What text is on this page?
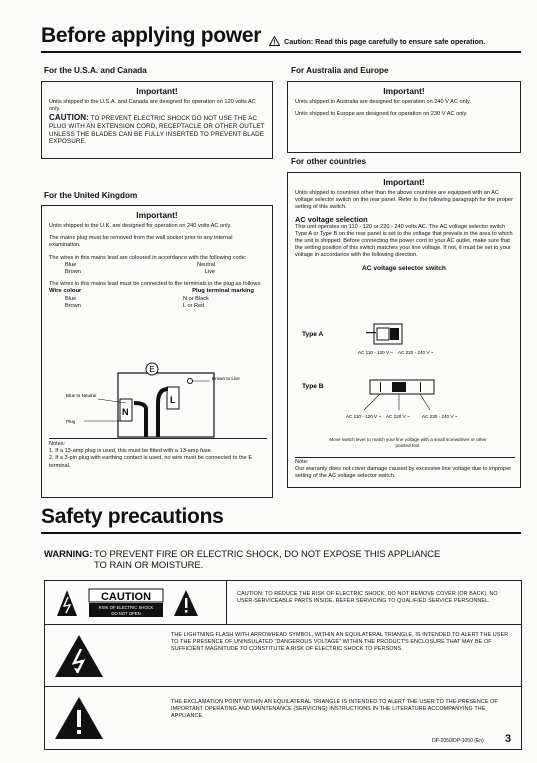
Before applying power	Caution: Read this page carefully to ensure safe operation.
For the U.S.A. and Canada
Important!
Units shipped to the U.S.A. and Canada are designed for operation on 120 volts AC only.
CAUTION: TO PREVENT ELECTRIC SHOCK DO NOT USE THE AC PLUG WITH AN EXTENSION CORD, RECEPTACLE OR OTHER OUTLET UNLESS THE BLADES CAN BE FULLY INSERTED TO PREVENT BLADE EXPOSURE.
For the United Kingdom
Important!

Units shipped to the U.K. are designed for operation on 240 volts AC only.

The mains plug must be removed from the wall socket prior to any internal examination.

The wires in this mains lead are coloured in accordance with the following code:

Blue	Neutral
Brown	Live

The wires in this mains lead must be connected to the terminals in the plug as follows:

Wire colour	Plug terminal marking
Blue	N or Black
Brown	L or Red
E
L
N
Brown to Live
Blue to Neutral
Plug
Notes:
1. If a 13-amp plug is used, this must be fitted with a 13-amp fuse.
2. If a 3-pin plug with earthing contact is used, no wire must be connected to the E terminal.
For Australia and Europe
Important!

Units shipped to Australia are designed for operation on 240 V AC only.

Units shipped to Europe are designed for operation on 230 V AC only.

For other countries
Important!
Units shipped to countries other than the above countries are equipped with an AC voltage selector switch on the rear panel. Refer to the following paragraph for the proper setting of this switch.
AC voltage selection
This unit operates on 110 - 120 or 220 - 240 volts AC. The AC voltage selector switch Type A or Type B on the rear panel is set to the voltage that prevails in the area to which the unit is shipped. Before connecting the power cord to your AC outlet, make sure that the setting position of this switch matches your line voltage. If not, it must be set to your voltage in accordance with the following direction.
AC voltage selector switch
Type A
AC 110 - 120 V ~ AC 220 - 240 V ~
Type B
AC 110 - 120 V ~ AC 220 V ~	AC 230 - 240 V ~
Move switch lever to match your line voltage with a small screwdriver or other pointed tool.
Note:
Our warranty does not cover damage caused by excessive line voltage due to improper setting of the AC voltage selector switch.
Safety precautions
WARNING: TO PREVENT FIRE OR ELECTRIC SHOCK, DO NOT EXPOSE THIS APPLIANCE TO RAIN OR MOISTURE.
CAUTION
RISK OF ELECTRIC SHOCK
DO NOT OPEN
CAUTION: TO REDUCE THE RISK OF ELECTRIC SHOCK, DO NOT REMOVE COVER (OR BACK). NO USER-SERVICEABLE PARTS INSIDE, REFER SERVICING TO QUALIFIED SERVICE PERSONNEL.
THE LIGHTNING FLASH WITH ARROWHEAD SYMBOL, WITHIN AN EQUILATERAL TRIANGLE, IS INTENDED TO ALERT THE USER TO THE PRESENCE OF UNINSULATED "DANGEROUS VOLTAGE" WITHIN THE PRODUCT'S ENCLOSURE THAT MAY BE OF SUFFICIENT MAGNITUDE TO CONSTITUTE A RISK OF ELECTRIC SHOCK TO PERSONS.
THE EXCLAMATION POINT WITHIN AN EQUILATERAL TRIANGLE IS INTENDED TO ALERT THE USER TO THE PRESENCE OF IMPORTANT OPERATING AND MAINTENANCE (SERVICING) INSTRUCTIONS IN THE LITERATURE ACCOMPANYING THE APPLIANCE.
DP-2050/DP-1050 (En) 3
